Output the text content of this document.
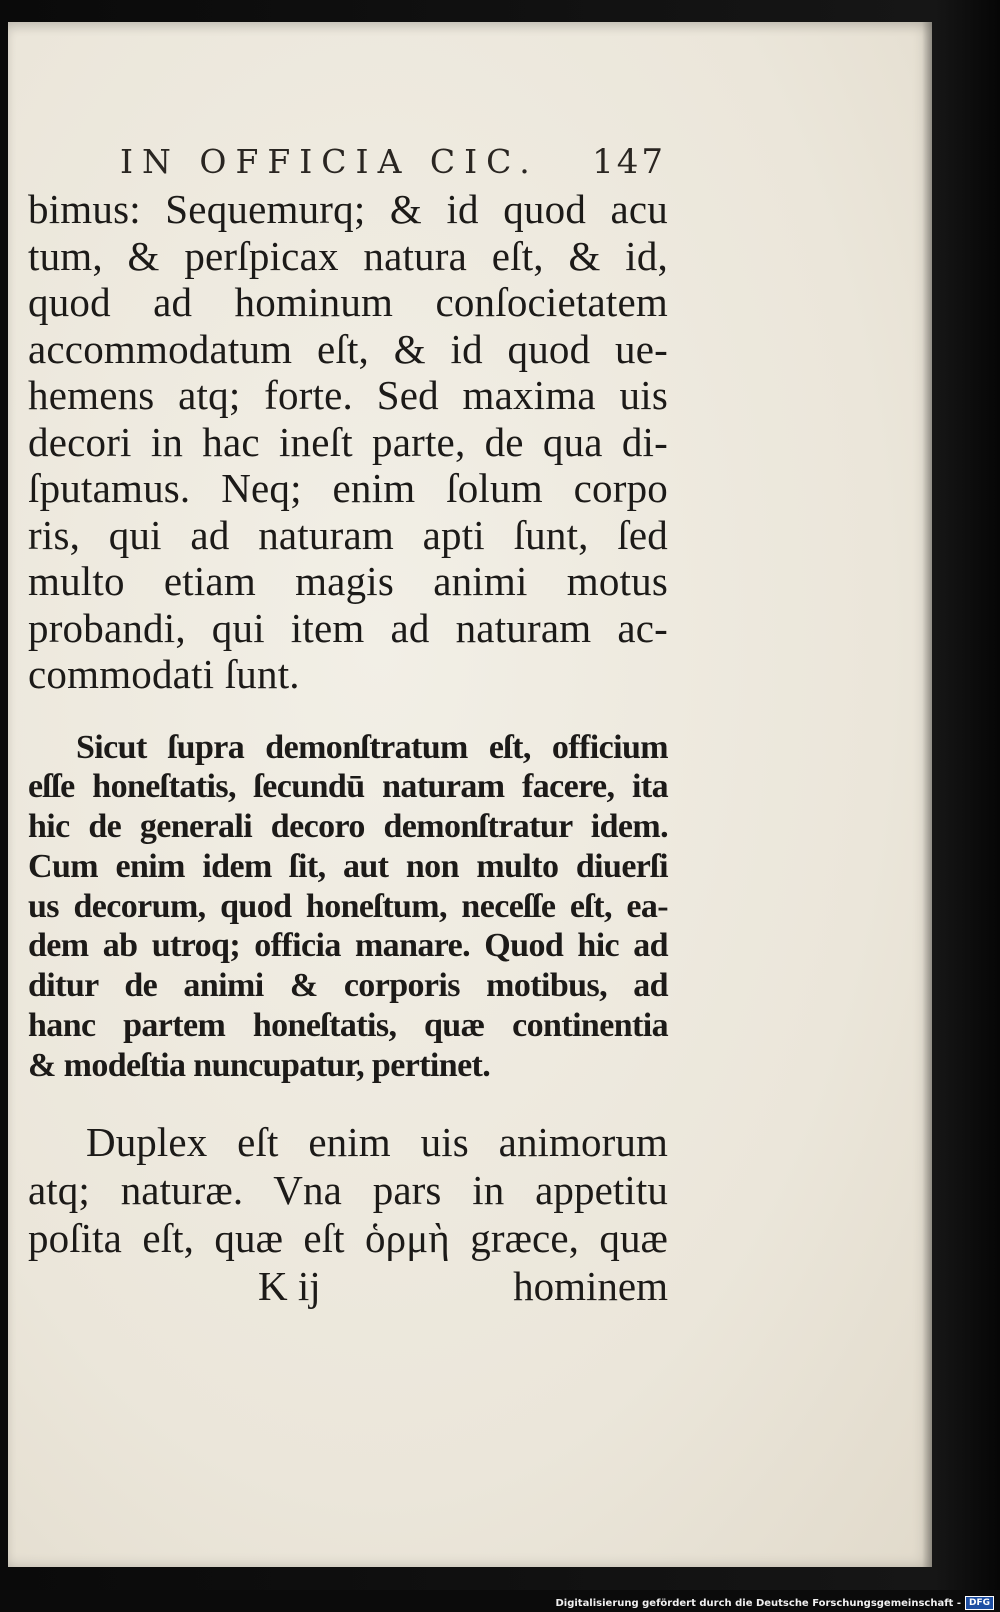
IN OFFICIA CIC. 147
bimus: Sequemurq; & id quod acu
tum, & perſpicax natura eſt, & id,
quod ad hominum conſocietatem
accommodatum eſt, & id quod ue-
hemens atq; forte. Sed maxima uis
decori in hac ineſt parte, de qua di-
ſputamus. Neq; enim ſolum corpo
ris, qui ad naturam apti ſunt, ſed
multo etiam magis animi motus
probandi, qui item ad naturam ac-
commodati ſunt.
Sicut ſupra demonſtratum eſt, officium
eſſe honeſtatis, ſecundū naturam facere, ita
hic de generali decoro demonſtratur idem.
Cum enim idem ſit, aut non multo diuerſi
us decorum, quod honeſtum, neceſſe eſt, ea-
dem ab utroq; officia manare. Quod hic ad
ditur de animi & corporis motibus, ad
hanc partem honeſtatis, quæ continentia
& modeſtia nuncupatur, pertinet.
Duplex eſt enim uis animorum
atq; naturæ. Vna pars in appetitu
poſita eſt, quæ eſt ὁρμὴ græce, quæ
K ij	hominem
Digitalisierung gefördert durch die Deutsche Forschungsgemeinschaft - DFG
